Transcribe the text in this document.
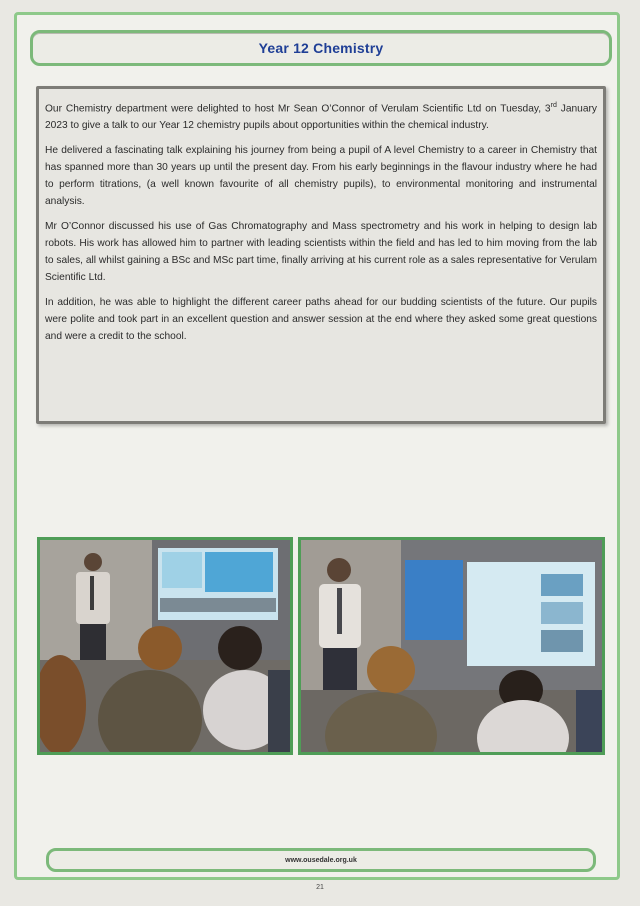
Year 12 Chemistry

Our Chemistry department were delighted to host Mr Sean O’Connor of Verulam Scientific Ltd on Tuesday, 3rd January 2023 to give a talk to our Year 12 chemistry pupils about opportunities within the chemical industry.

He delivered a fascinating talk explaining his journey from being a pupil of A level Chemistry to a career in Chemistry that has spanned more than 30 years up until the present day. From his early beginnings in the flavour industry where he had to perform titrations, (a well known favourite of all chemistry pupils), to environmental monitoring and instrumental analysis.

Mr O’Connor discussed his use of Gas Chromatography and Mass spectrometry and his work in helping to design lab robots. His work has allowed him to partner with leading scientists within the field and has led to him moving from the lab to sales, all whilst gaining a BSc and MSc part time, finally arriving at his current role as a sales representative for Verulam Scientific Ltd.

In addition, he was able to highlight the different career paths ahead for our budding scientists of the future. Our pupils were polite and took part in an excellent question and answer session at the end where they asked some great questions and were a credit to the school.

www.ousedale.org.uk
21
